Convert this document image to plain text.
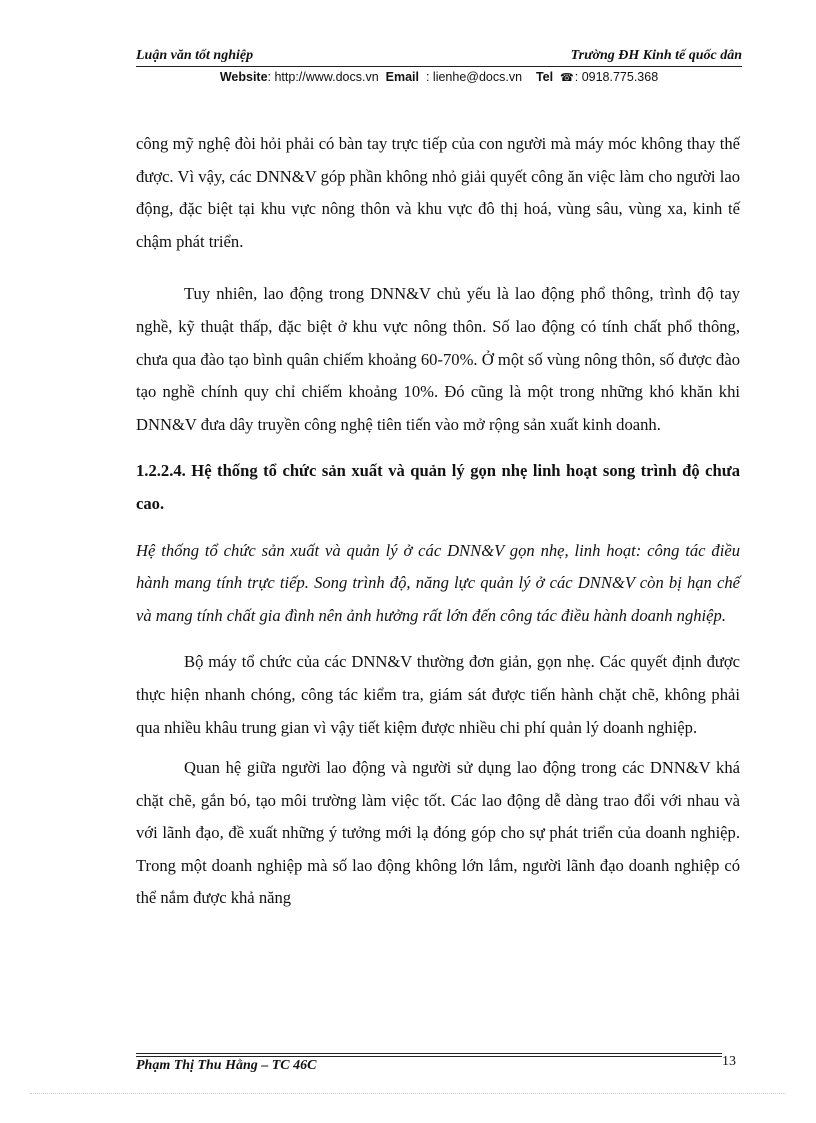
Luận văn tốt nghiệp	Trường ĐH Kinh tế quốc dân
Website: http://www.docs.vn Email : lienhe@docs.vn Tel ☎: 0918.775.368

công mỹ nghệ đòi hỏi phải có bàn tay trực tiếp của con người mà máy móc không thay thế được. Vì vậy, các DNN&V góp phần không nhỏ giải quyết công ăn việc làm cho người lao động, đặc biệt tại khu vực nông thôn và khu vực đô thị hoá, vùng sâu, vùng xa, kinh tế chậm phát triển.

Tuy nhiên, lao động trong DNN&V chủ yếu là lao động phổ thông, trình độ tay nghề, kỹ thuật thấp, đặc biệt ở khu vực nông thôn. Số lao động có tính chất phổ thông, chưa qua đào tạo bình quân chiếm khoảng 60-70%. Ở một số vùng nông thôn, số được đào tạo nghề chính quy chỉ chiếm khoảng 10%. Đó cũng là một trong những khó khăn khi DNN&V đưa dây truyền công nghệ tiên tiến vào mở rộng sản xuất kinh doanh.

1.2.2.4. Hệ thống tổ chức sản xuất và quản lý gọn nhẹ linh hoạt song trình độ chưa cao.

Hệ thống tổ chức sản xuất và quản lý ở các DNN&V gọn nhẹ, linh hoạt: công tác điều hành mang tính trực tiếp. Song trình độ, năng lực quản lý ở các DNN&V còn bị hạn chế và mang tính chất gia đình nên ảnh hưởng rất lớn đến công tác điều hành doanh nghiệp.

Bộ máy tổ chức của các DNN&V thường đơn giản, gọn nhẹ. Các quyết định được thực hiện nhanh chóng, công tác kiểm tra, giám sát được tiến hành chặt chẽ, không phải qua nhiều khâu trung gian vì vậy tiết kiệm được nhiều chi phí quản lý doanh nghiệp.

Quan hệ giữa người lao động và người sử dụng lao động trong các DNN&V khá chặt chẽ, gắn bó, tạo môi trường làm việc tốt. Các lao động dễ dàng trao đổi với nhau và với lãnh đạo, đề xuất những ý tưởng mới lạ đóng góp cho sự phát triển của doanh nghiệp. Trong một doanh nghiệp mà số lao động không lớn lắm, người lãnh đạo doanh nghiệp có thể nắm được khả năng

Phạm Thị Thu Hằng – TC 46C	13
